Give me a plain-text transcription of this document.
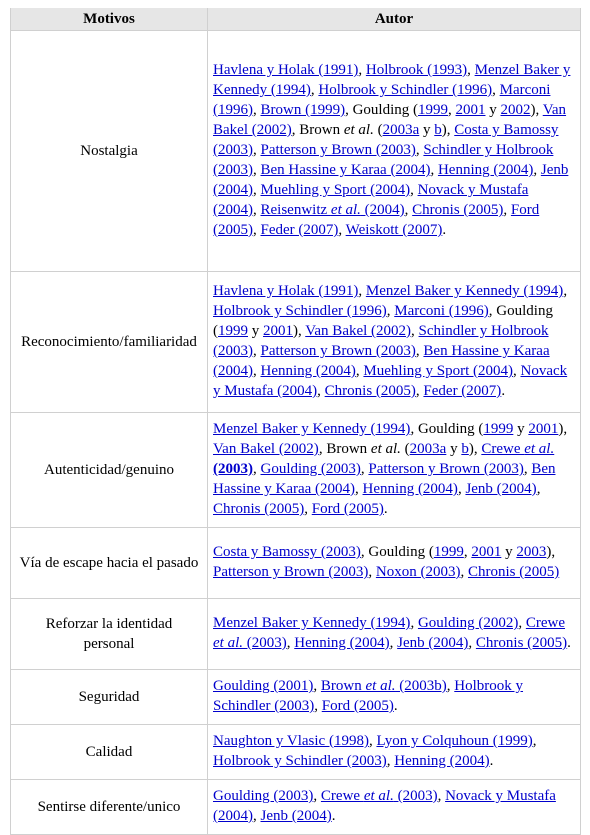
Motivos	Autor
Nostalgia	Havlena y Holak (1991), Holbrook (1993), Menzel Baker y Kennedy (1994), Holbrook y Schindler (1996), Marconi (1996), Brown (1999), Goulding (1999, 2001 y 2002), Van Bakel (2002), Brown et al. (2003a y b), Costa y Bamossy (2003), Patterson y Brown (2003), Schindler y Holbrook (2003), Ben Hassine y Karaa (2004), Henning (2004), Jenb (2004), Muehling y Sport (2004), Novack y Mustafa (2004), Reisenwitz et al. (2004), Chronis (2005), Ford (2005), Feder (2007), Weiskott (2007).
Reconocimiento/familiaridad	Havlena y Holak (1991), Menzel Baker y Kennedy (1994), Holbrook y Schindler (1996), Marconi (1996), Goulding (1999 y 2001), Van Bakel (2002), Schindler y Holbrook (2003), Patterson y Brown (2003), Ben Hassine y Karaa (2004), Henning (2004), Muehling y Sport (2004), Novack y Mustafa (2004), Chronis (2005), Feder (2007).
Autenticidad/genuino	Menzel Baker y Kennedy (1994), Goulding (1999 y 2001), Van Bakel (2002), Brown et al. (2003a y b), Crewe et al. (2003), Goulding (2003), Patterson y Brown (2003), Ben Hassine y Karaa (2004), Henning (2004), Jenb (2004), Chronis (2005), Ford (2005).
Vía de escape hacia el pasado	Costa y Bamossy (2003), Goulding (1999, 2001 y 2003), Patterson y Brown (2003), Noxon (2003), Chronis (2005)
Reforzar la identidad personal	Menzel Baker y Kennedy (1994), Goulding (2002), Crewe et al. (2003), Henning (2004), Jenb (2004), Chronis (2005).
Seguridad	Goulding (2001), Brown et al. (2003b), Holbrook y Schindler (2003), Ford (2005).
Calidad	Naughton y Vlasic (1998), Lyon y Colquhoun (1999), Holbrook y Schindler (2003), Henning (2004).
Sentirse diferente/unico	Goulding (2003), Crewe et al. (2003), Novack y Mustafa (2004), Jenb (2004).
